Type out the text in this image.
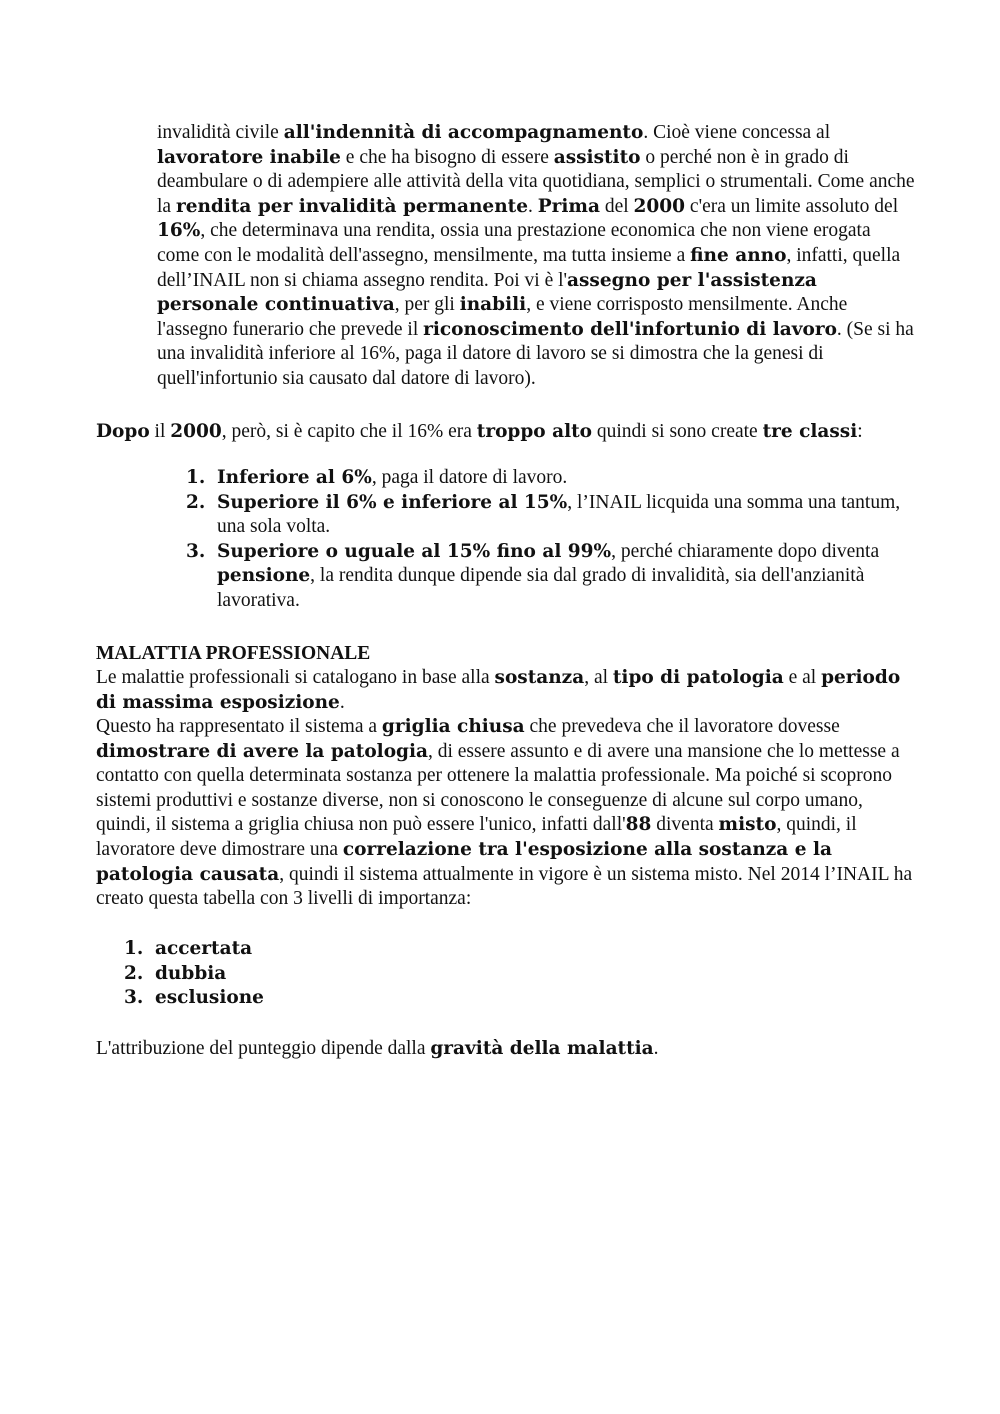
invalidità civile all'indennità di accompagnamento. Cioè viene concessa al lavoratore inabile e che ha bisogno di essere assistito o perché non è in grado di deambulare o di adempiere alle attività della vita quotidiana, semplici o strumentali. Come anche la rendita per invalidità permanente. Prima del 2000 c'era un limite assoluto del 16%, che determinava una rendita, ossia una prestazione economica che non viene erogata come con le modalità dell'assegno, mensilmente, ma tutta insieme a fine anno, infatti, quella dell’INAIL non si chiama assegno rendita. Poi vi è l'assegno per l'assistenza personale continuativa, per gli inabili, e viene corrisposto mensilmente. Anche l'assegno funerario che prevede il riconoscimento dell'infortunio di lavoro. (Se si ha una invalidità inferiore al 16%, paga il datore di lavoro se si dimostra che la genesi di quell'infortunio sia causato dal datore di lavoro).

Dopo il 2000, però, si è capito che il 16% era troppo alto quindi si sono create tre classi:

1. Inferiore al 6%, paga il datore di lavoro.
2. Superiore il 6% e inferiore al 15%, l’INAIL licquida una somma una tantum, una sola volta.
3. Superiore o uguale al 15% fino al 99%, perché chiaramente dopo diventa pensione, la rendita dunque dipende sia dal grado di invalidità, sia dell'anzianità lavorativa.

MALATTIA PROFESSIONALE

Le malattie professionali si catalogano in base alla sostanza, al tipo di patologia e al periodo di massima esposizione.

Questo ha rappresentato il sistema a griglia chiusa che prevedeva che il lavoratore dovesse dimostrare di avere la patologia, di essere assunto e di avere una mansione che lo mettesse a contatto con quella determinata sostanza per ottenere la malattia professionale. Ma poiché si scoprono sistemi produttivi e sostanze diverse, non si conoscono le conseguenze di alcune sul corpo umano, quindi, il sistema a griglia chiusa non può essere l'unico, infatti dall'88 diventa misto, quindi, il lavoratore deve dimostrare una correlazione tra l'esposizione alla sostanza e la patologia causata, quindi il sistema attualmente in vigore è un sistema misto. Nel 2014 l’INAIL ha creato questa tabella con 3 livelli di importanza:

1. accertata
2. dubbia
3. esclusione

L'attribuzione del punteggio dipende dalla gravità della malattia.
